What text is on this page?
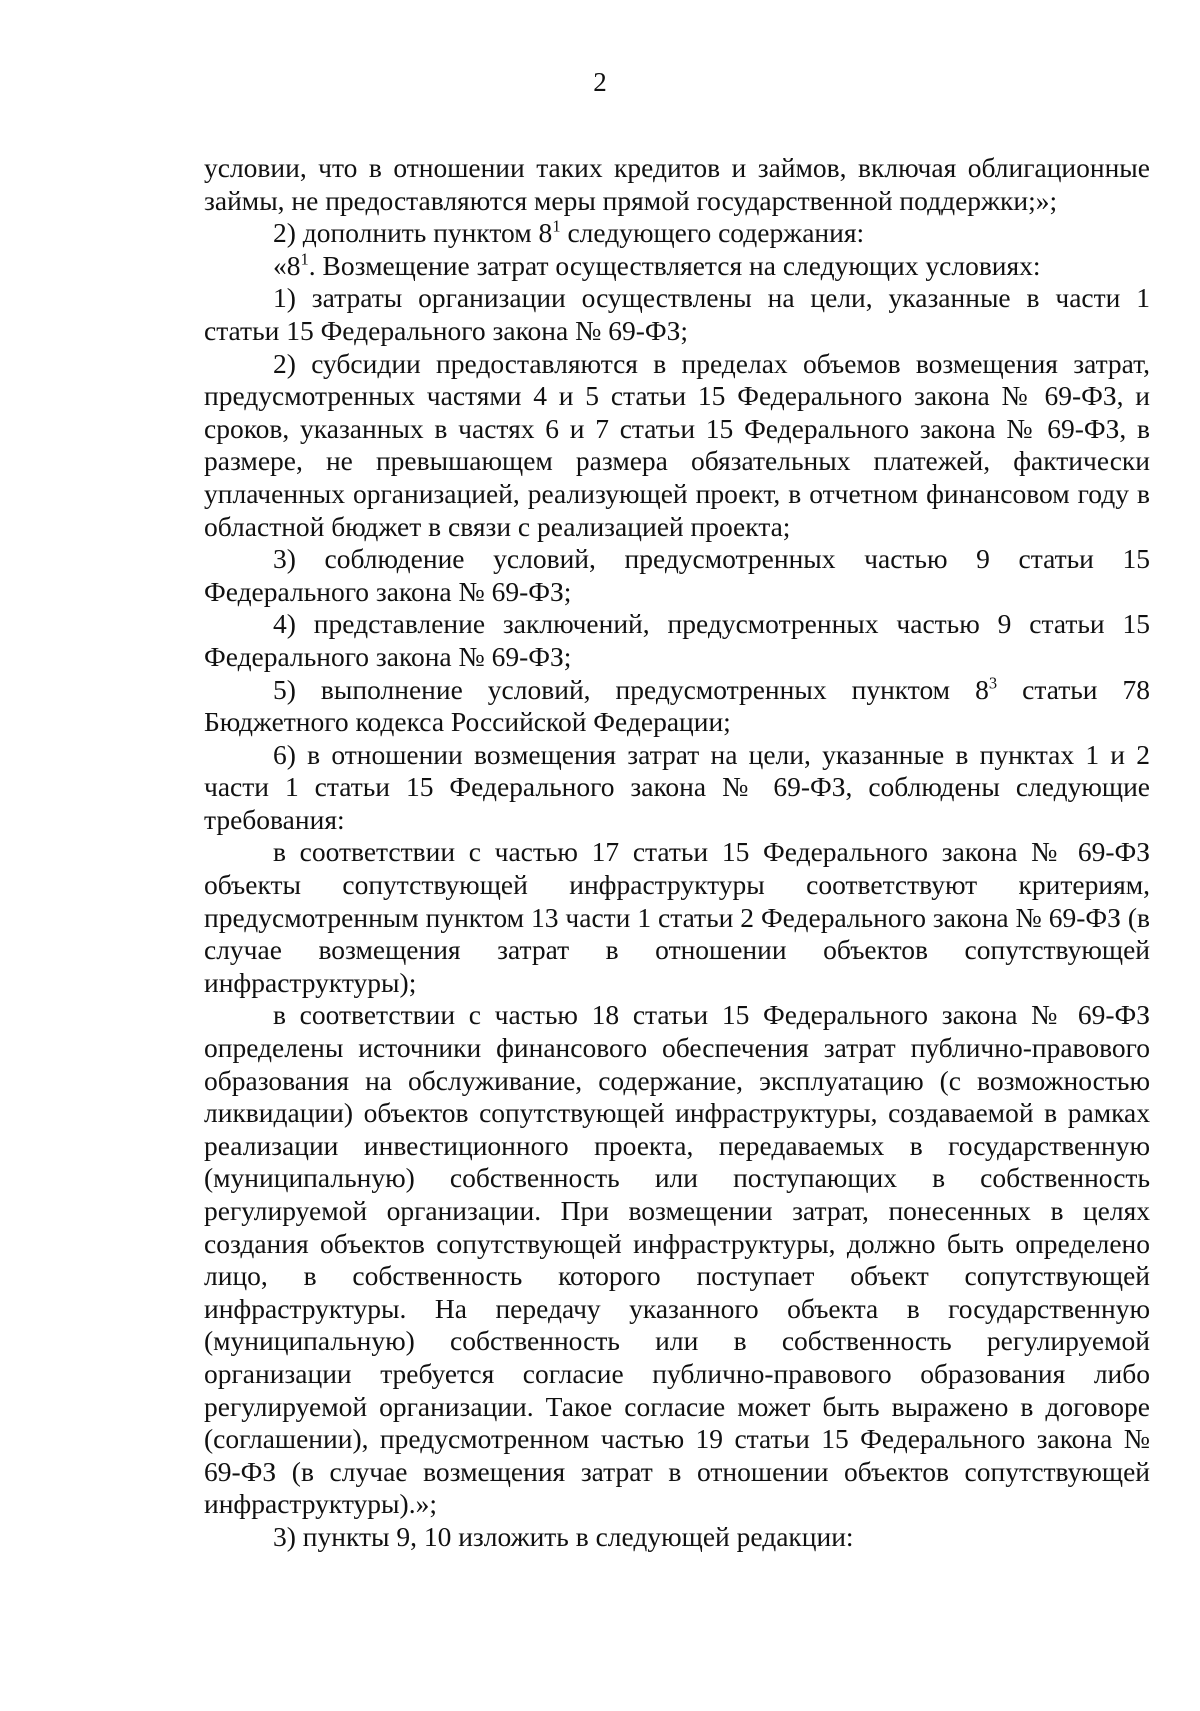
2

условии, что в отношении таких кредитов и займов, включая облигационные займы, не предоставляются меры прямой государственной поддержки;»;

2) дополнить пунктом $8^1$ следующего содержания:

«$8^1$. Возмещение затрат осуществляется на следующих условиях:

1) затраты организации осуществлены на цели, указанные в части 1 статьи 15 Федерального закона № 69-ФЗ;

2) субсидии предоставляются в пределах объемов возмещения затрат, предусмотренных частями 4 и 5 статьи 15 Федерального закона № 69-ФЗ, и сроков, указанных в частях 6 и 7 статьи 15 Федерального закона № 69-ФЗ, в размере, не превышающем размера обязательных платежей, фактически уплаченных организацией, реализующей проект, в отчетном финансовом году в областной бюджет в связи с реализацией проекта;

3) соблюдение условий, предусмотренных частью 9 статьи 15 Федерального закона № 69-ФЗ;

4) представление заключений, предусмотренных частью 9 статьи 15 Федерального закона № 69-ФЗ;

5) выполнение условий, предусмотренных пунктом $8^3$ статьи 78 Бюджетного кодекса Российской Федерации;

6) в отношении возмещения затрат на цели, указанные в пунктах 1 и 2 части 1 статьи 15 Федерального закона № 69-ФЗ, соблюдены следующие требования:

в соответствии с частью 17 статьи 15 Федерального закона № 69-ФЗ объекты сопутствующей инфраструктуры соответствуют критериям, предусмотренным пунктом 13 части 1 статьи 2 Федерального закона № 69-ФЗ (в случае возмещения затрат в отношении объектов сопутствующей инфраструктуры);

в соответствии с частью 18 статьи 15 Федерального закона № 69-ФЗ определены источники финансового обеспечения затрат публично-правового образования на обслуживание, содержание, эксплуатацию (с возможностью ликвидации) объектов сопутствующей инфраструктуры, создаваемой в рамках реализации инвестиционного проекта, передаваемых в государственную (муниципальную) собственность или поступающих в собственность регулируемой организации. При возмещении затрат, понесенных в целях создания объектов сопутствующей инфраструктуры, должно быть определено лицо, в собственность которого поступает объект сопутствующей инфраструктуры. На передачу указанного объекта в государственную (муниципальную) собственность или в собственность регулируемой организации требуется согласие публично-правового образования либо регулируемой организации. Такое согласие может быть выражено в договоре (соглашении), предусмотренном частью 19 статьи 15 Федерального закона № 69-ФЗ (в случае возмещения затрат в отношении объектов сопутствующей инфраструктуры).»;

3) пункты 9, 10 изложить в следующей редакции:
